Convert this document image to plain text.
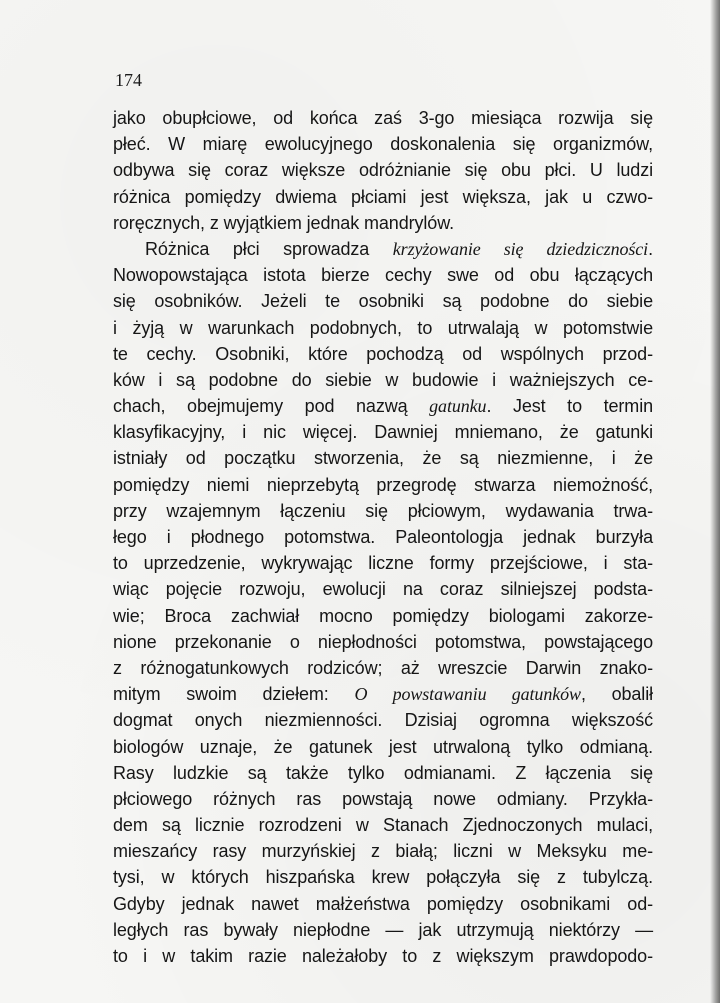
174
jako obupłciowe, od końca zaś 3-go miesiąca rozwija się
płeć. W miarę ewolucyjnego doskonalenia się organizmów,
odbywa się coraz większe odróżnianie się obu płci. U ludzi
różnica pomiędzy dwiema płciami jest większa, jak u czwo-
roręcznych, z wyjątkiem jednak mandrylów.
Różnica płci sprowadza krzyżowanie się dziedziczności.
Nowopowstająca istota bierze cechy swe od obu łączących
się osobników. Jeżeli te osobniki są podobne do siebie
i żyją w warunkach podobnych, to utrwalają w potomstwie
te cechy. Osobniki, które pochodzą od wspólnych przod-
ków i są podobne do siebie w budowie i ważniejszych ce-
chach, obejmujemy pod nazwą gatunku. Jest to termin
klasyfikacyjny, i nic więcej. Dawniej mniemano, że gatunki
istniały od początku stworzenia, że są niezmienne, i że
pomiędzy niemi nieprzebytą przegrodę stwarza niemożność,
przy wzajemnym łączeniu się płciowym, wydawania trwa-
łego i płodnego potomstwa. Paleontologja jednak burzyła
to uprzedzenie, wykrywając liczne formy przejściowe, i sta-
wiąc pojęcie rozwoju, ewolucji na coraz silniejszej podsta-
wie; Broca zachwiał mocno pomiędzy biologami zakorze-
nione przekonanie o niepłodności potomstwa, powstającego
z różnogatunkowych rodziców; aż wreszcie Darwin znako-
mitym swoim dziełem: O powstawaniu gatunków, obalił
dogmat onych niezmienności. Dzisiaj ogromna większość
biologów uznaje, że gatunek jest utrwaloną tylko odmianą.
Rasy ludzkie są także tylko odmianami. Z łączenia się
płciowego różnych ras powstają nowe odmiany. Przykła-
dem są licznie rozrodzeni w Stanach Zjednoczonych mulaci,
mieszańcy rasy murzyńskiej z białą; liczni w Meksyku me-
tysi, w których hiszpańska krew połączyła się z tubylczą.
Gdyby jednak nawet małżeństwa pomiędzy osobnikami od-
ległych ras bywały niepłodne — jak utrzymują niektórzy —
to i w takim razie należałoby to z większym prawdopodo-
